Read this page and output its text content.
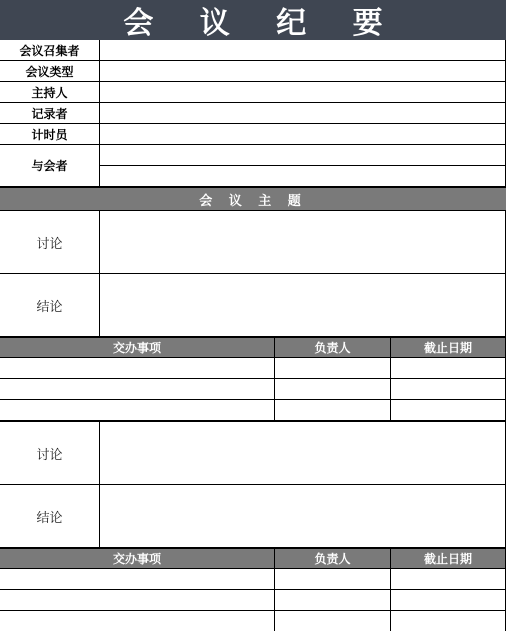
会 议 纪 要
会议召集者
会议类型
主持人
记录者
计时员
与会者
会 议 主 题
讨论
结论
交办事项	负责人	截止日期
讨论
结论
交办事项	负责人	截止日期
